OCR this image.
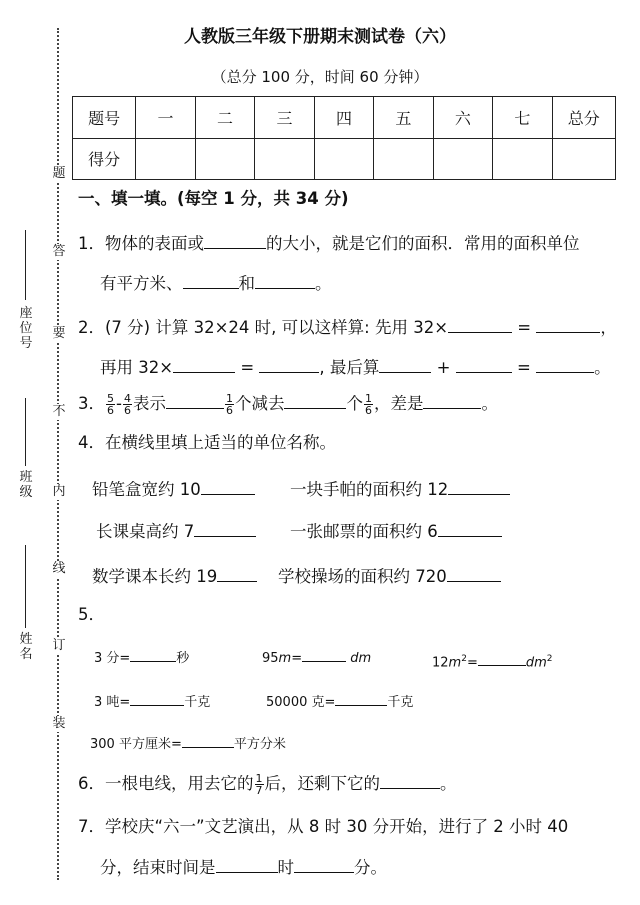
座
位
号
班
级
姓
名
题
答
要
不
内
线
订
装
人教版三年级下册期末测试卷（六）
（总分 100 分，时间 60 分钟）
题号	一	二	三	四	五	六	七	总分
得分								
一、填一填。(每空 1 分，共 34 分)
1．物体的表面或	的大小，就是它们的面积．常用的面积单位
有平方米、	和	。
2．(7 分) 计算 32×24 时, 可以这样算: 先用 32×	=	，
再用 32×	=	, 最后算	+	=	。
3． $\frac{5}{6} - \frac{4}{6}$ 表示	$\frac{1}{6}$ 个减去	个 $\frac{1}{6}$ ，差是	。
4．在横线里填上适当的单位名称。
铅笔盒宽约 10	一块手帕的面积约 12
长课桌高约 7	一张邮票的面积约 6
数学课本长约 19	学校操场的面积约 720
5．
3 分=	秒	95m=	dm	$12m^2=$	$dm^2$
3 吨=	千克	50000 克=	千克
300 平方厘米=	平方分米
6．一根电线，用去它的 $\frac{1}{7}$ 后，还剩下它的	。
7．学校庆“六一”文艺演出，从 8 时 30 分开始，进行了 2 小时 40
分，结束时间是	时	分。
